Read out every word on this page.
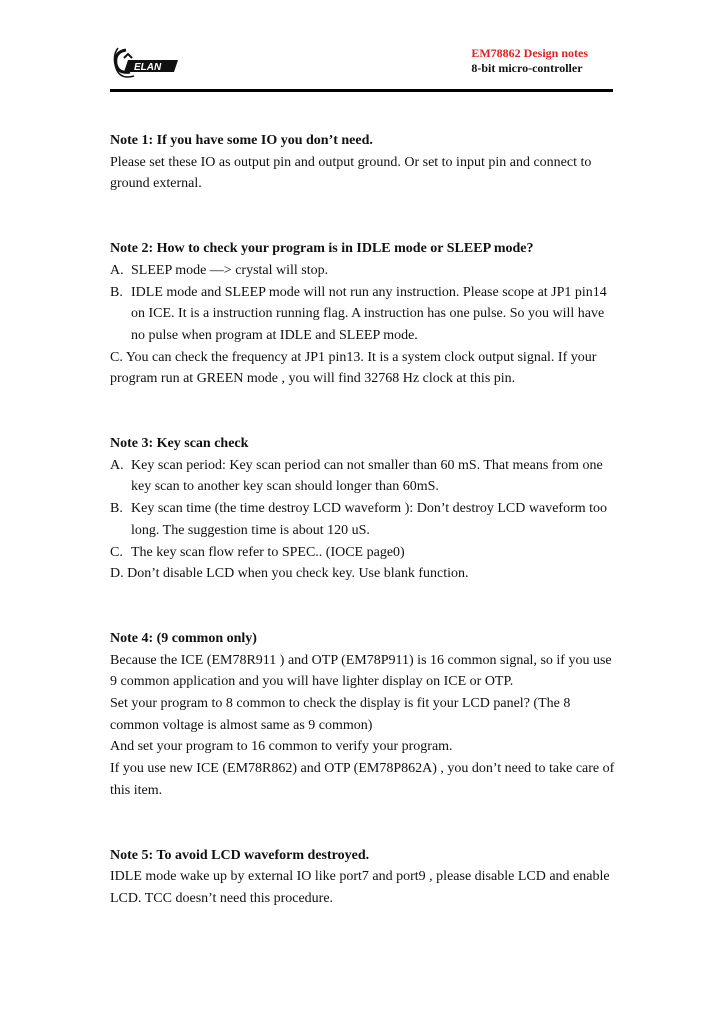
ELAN
EM78862 Design notes
8-bit micro-controller
Note 1: If you have some IO you don’t need.
Please set these IO as output pin and output ground. Or set to input pin and connect to ground external.
Note 2: How to check your program is in IDLE mode or SLEEP mode?
A. SLEEP mode —> crystal will stop.
B. IDLE mode and SLEEP mode will not run any instruction. Please scope at JP1 pin14 on ICE. It is a instruction running flag. A instruction has one pulse. So you will have no pulse when program at IDLE and SLEEP mode.
C. You can check the frequency at JP1 pin13. It is a system clock output signal. If your program run at GREEN mode , you will find 32768 Hz clock at this pin.
Note 3: Key scan check
A. Key scan period: Key scan period can not smaller than 60 mS. That means from one key scan to another key scan should longer than 60mS.
B. Key scan time (the time destroy LCD waveform ): Don’t destroy LCD waveform too long. The suggestion time is about 120 uS.
C. The key scan flow refer to SPEC.. (IOCE page0)
D. Don’t disable LCD when you check key. Use blank function.
Note 4: (9 common only)
Because the ICE (EM78R911 ) and OTP (EM78P911) is 16 common signal, so if you use 9 common application and you will have lighter display on ICE or OTP.
Set your program to 8 common to check the display is fit your LCD panel? (The 8 common voltage is almost same as 9 common)
And set your program to 16 common to verify your program.
If you use new ICE (EM78R862) and OTP (EM78P862A) , you don’t need to take care of this item.
Note 5: To avoid LCD waveform destroyed.
IDLE mode wake up by external IO like port7 and port9 , please disable LCD and enable LCD. TCC doesn’t need this procedure.
